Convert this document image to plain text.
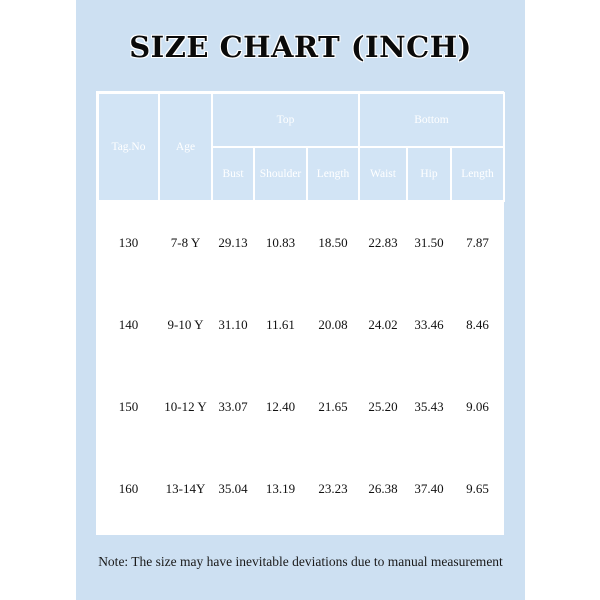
SIZE CHART (INCH)
Tag.No	Age	Top			Bottom		
		Bust	Shoulder	Length	Waist	Hip	Length
130	7-8 Y	29.13	10.83	18.50	22.83	31.50	7.87
140	9-10 Y	31.10	11.61	20.08	24.02	33.46	8.46
150	10-12 Y	33.07	12.40	21.65	25.20	35.43	9.06
160	13-14Y	35.04	13.19	23.23	26.38	37.40	9.65
Note: The size may have inevitable deviations due to manual measurement
